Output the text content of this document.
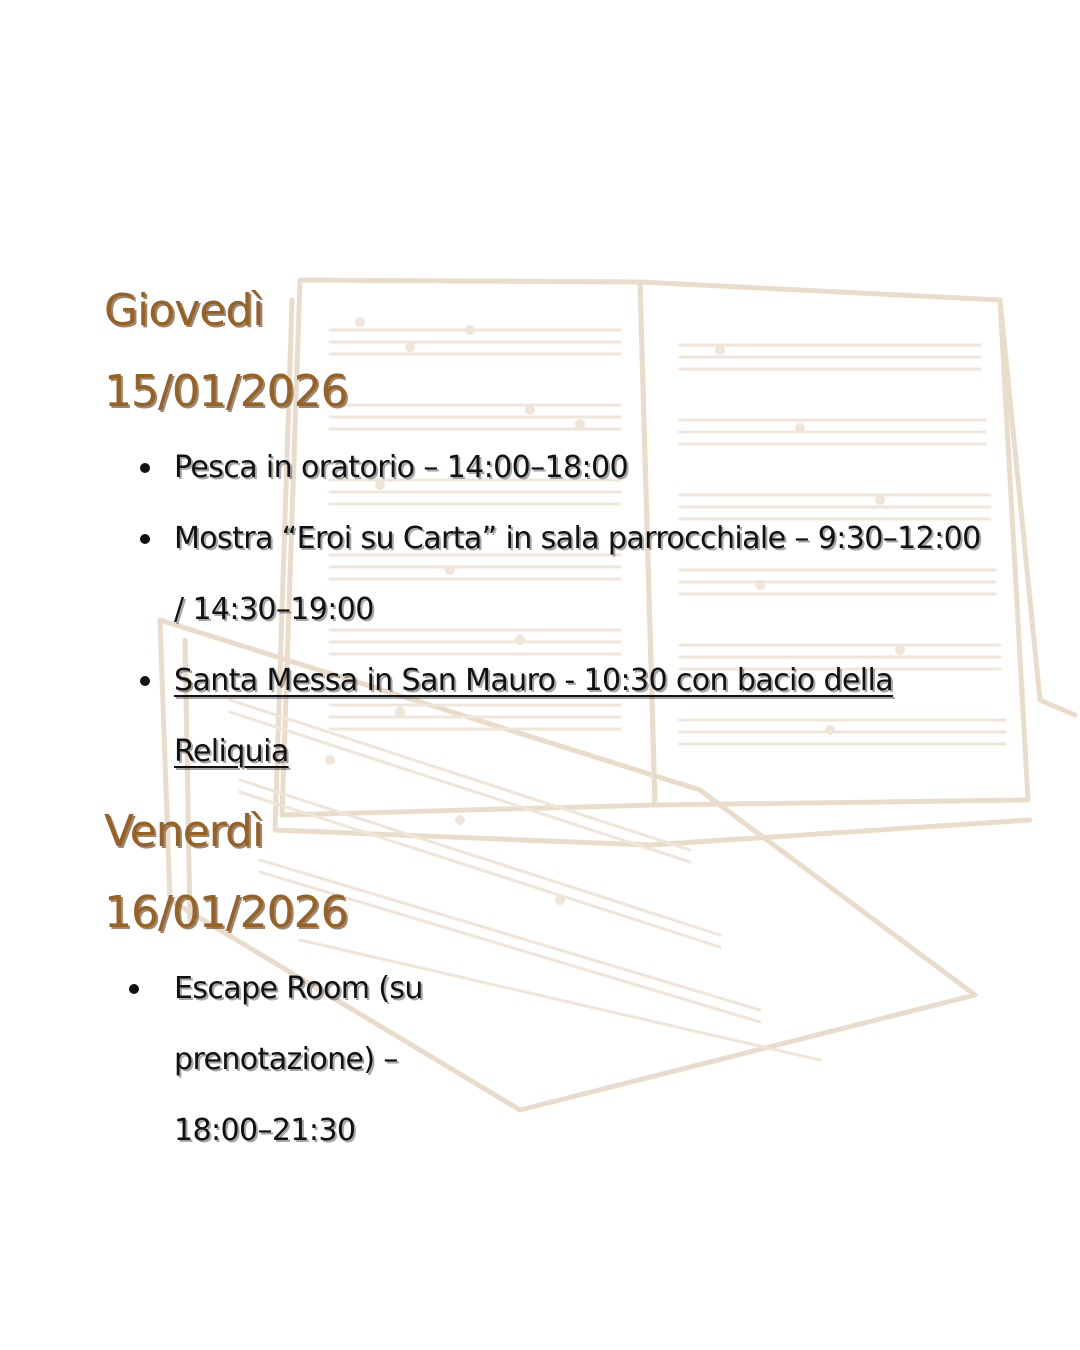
Giovedì
15/01/2026
Pesca in oratorio – 14:00–18:00
Mostra “Eroi su Carta” in sala parrocchiale – 9:30–12:00 / 14:30–19:00
Santa Messa in San Mauro - 10:30 con bacio della Reliquia
Venerdì
16/01/2026
Escape Room (su prenotazione) – 18:00–21:30
